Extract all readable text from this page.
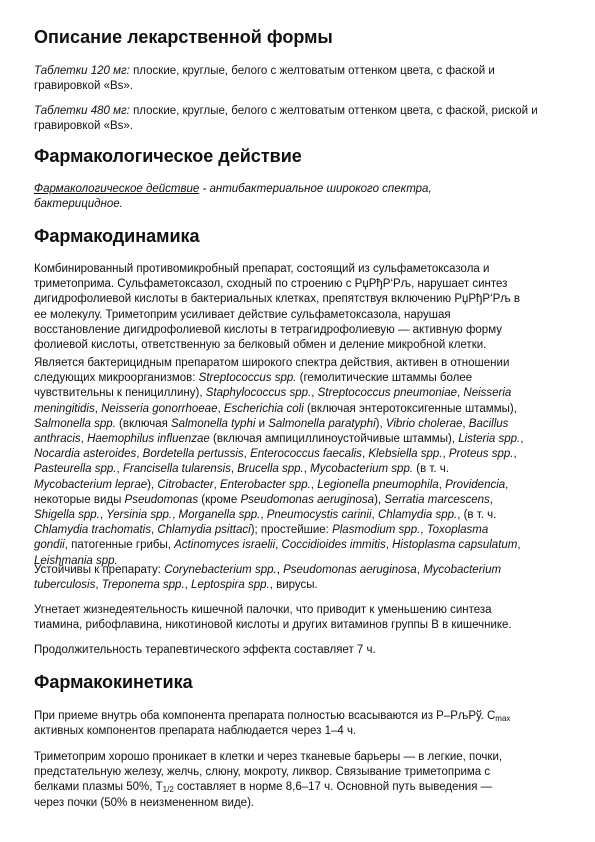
Описание лекарственной формы

Таблетки 120 мг: плоские, круглые, белого с желтоватым оттенком цвета, с фаской и гравировкой «Bs».

Таблетки 480 мг: плоские, круглые, белого с желтоватым оттенком цвета, с фаской, риской и гравировкой «Bs».

Фармакологическое действие

Фармакологическое действие - антибактериальное широкого спектра, бактерицидное.

Фармакодинамика

Комбинированный противомикробный препарат, состоящий из сульфаметоксазола и
триметоприма. Сульфаметоксазол, сходный по строению с РџРђР‘Рљ, нарушает синтез
дигидрофолиевой кислоты в бактериальных клетках, препятствуя включению РџРђР‘Рљ в
ее молекулу. Триметоприм усиливает действие сульфаметоксазола, нарушая
восстановление дигидрофолиевой кислоты в тетрагидрофолиевую — активную форму
фолиевой кислоты, ответственную за белковый обмен и деление микробной клетки.

Является бактерицидным препаратом широкого спектра действия, активен в отношении
следующих микроорганизмов: Streptococcus spp. (гемолитические штаммы более
чувствительны к пенициллину), Staphylococcus spp., Streptococcus pneumoniae, Neisseria
meningitidis, Neisseria gonorrhoeae, Escherichia coli (включая энтеротоксигенные штаммы),
Salmonella spp. (включая Salmonella typhi и Salmonella paratyphi), Vibrio cholerae, Bacillus
anthracis, Haemophilus influenzae (включая ампициллиноустойчивые штаммы), Listeria spp.,
Nocardia asteroides, Bordetella pertussis, Enterococcus faecalis, Klebsiella spp., Proteus spp.,
Pasteurella spp., Francisella tularensis, Brucella spp., Mycobacterium spp. (в т. ч.
Mycobacterium leprae), Citrobacter, Enterobacter spp., Legionella pneumophila, Providencia,
некоторые виды Pseudomonas (кроме Pseudomonas aeruginosa), Serratia marcescens,
Shigella spp., Yersinia spp., Morganella spp., Pneumocystis carinii, Chlamydia spp., (в т. ч.
Chlamydia trachomatis, Chlamydia psittaci); простейшие: Plasmodium spp., Toxoplasma
gondii, патогенные грибы, Actinomyces israelii, Coccidioides immitis, Histoplasma capsulatum,
Leishmania spp.

Устойчивы к препарату: Corynebacterium spp., Pseudomonas aeruginosa, Mycobacterium
tuberculosis, Treponema spp., Leptospira spp., вирусы.

Угнетает жизнедеятельность кишечной палочки, что приводит к уменьшению синтеза
тиамина, рибофлавина, никотиновой кислоты и других витаминов группы В в кишечнике.

Продолжительность терапевтического эффекта составляет 7 ч.

Фармакокинетика

При приеме внутрь оба компонента препарата полностью всасываются из Р–РљРў. $C_{max}$
активных компонентов препарата наблюдается через 1–4 ч.

Триметоприм хорошо проникает в клетки и через тканевые барьеры — в легкие, почки,
предстательную железу, желчь, слюну, мокроту, ликвор. Связывание триметоприма с
белками плазмы 50%, $T_{1/2}$ составляет в норме 8,6–17 ч. Основной путь выведения —
через почки (50% в неизмененном виде).
